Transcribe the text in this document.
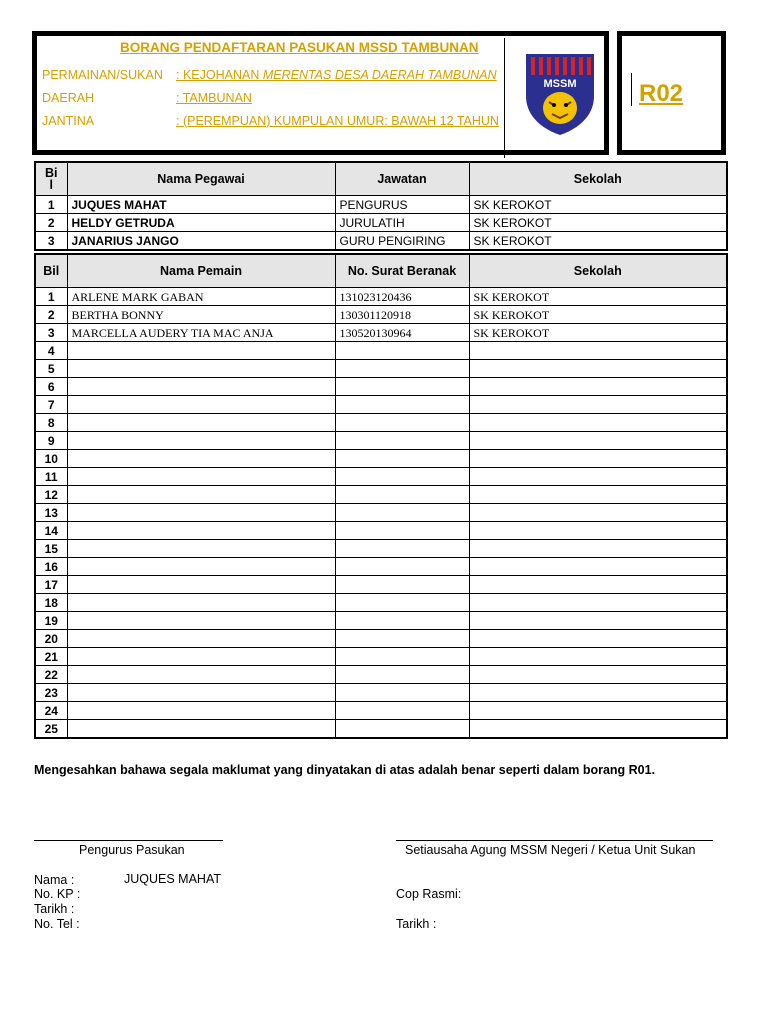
BORANG PENDAFTARAN PASUKAN MSSD TAMBUNAN
PERMAINAN/SUKAN : KEJOHANAN MERENTAS DESA DAERAH TAMBUNAN
DAERAH	: TAMBUNAN
JANTINA	: (PEREMPUAN) KUMPULAN UMUR: BAWAH 12 TAHUN
MSSM	R02
Bi
l	Nama Pegawai	Jawatan	Sekolah
1	JUQUES MAHAT	PENGURUS	SK KEROKOT
2	HELDY GETRUDA	JURULATIH	SK KEROKOT
3	JANARIUS JANGO	GURU PENGIRING	SK KEROKOT
Bil	Nama Pemain	No. Surat Beranak	Sekolah
1	ARLENE MARK GABAN	131023120436	SK KEROKOT
2	BERTHA BONNY	130301120918	SK KEROKOT
3	MARCELLA AUDERY TIA MAC ANJA	130520130964	SK KEROKOT
4			
5			
6			
7			
8			
9			
10			
11			
12			
13			
14			
15			
16			
17			
18			
19			
20			
21			
22			
23			
24			
25			
Mengesahkan bahawa segala maklumat yang dinyatakan di atas adalah benar seperti dalam borang R01.
Pengurus Pasukan	Setiausaha Agung MSSM Negeri / Ketua Unit Sukan
Nama :	JUQUES MAHAT
No. KP :
Tarikh :
No. Tel :
Cop Rasmi:
Tarikh :
